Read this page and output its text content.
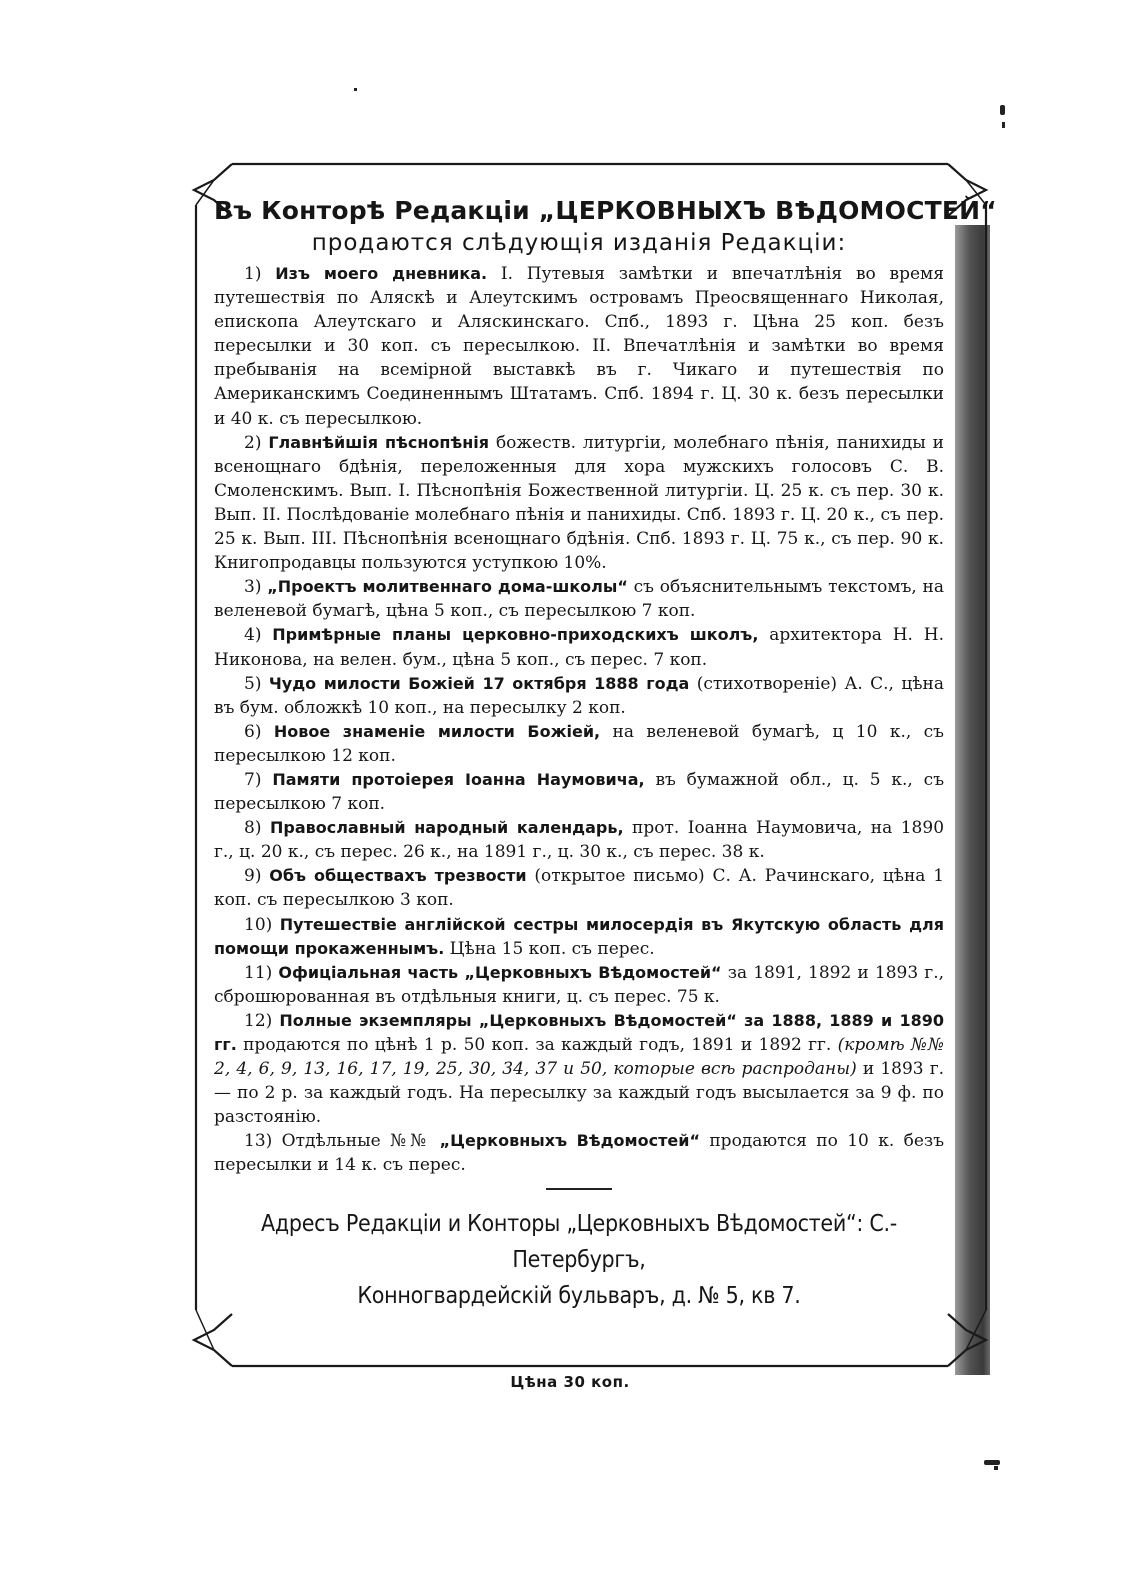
Въ Конторѣ Редакціи „ЦЕРКОВНЫХЪ ВѢДОМОСТЕЙ“

продаются слѣдующія изданія Редакціи:

1) Изъ моего дневника. I. Путевыя замѣтки и впечатлѣнія во время путешествія по Аляскѣ и Алеутскимъ островамъ Преосвященнаго Николая, епископа Алеутскаго и Аляскинскаго. Спб., 1893 г. Цѣна 25 коп. безъ пересылки и 30 коп. съ пересылкою. II. Впечатлѣнія и замѣтки во время пребыванія на всемірной выставкѣ въ г. Чикаго и путешествія по Американскимъ Соединеннымъ Штатамъ. Спб. 1894 г. Ц. 30 к. безъ пересылки и 40 к. съ пересылкою.

2) Главнѣйшія пѣснопѣнія божеств. литургіи, молебнаго пѣнія, панихиды и всенощнаго бдѣнія, переложенныя для хора мужскихъ голосовъ С. В. Смоленскимъ. Вып. I. Пѣснопѣнія Божественной литургіи. Ц. 25 к. съ пер. 30 к. Вып. II. Послѣдованіе молебнаго пѣнія и панихиды. Спб. 1893 г. Ц. 20 к., съ пер. 25 к. Вып. III. Пѣснопѣнія всенощнаго бдѣнія. Спб. 1893 г. Ц. 75 к., съ пер. 90 к. Книгопродавцы пользуются уступкою 10%.

3) „Проектъ молитвеннаго дома-школы“ съ объяснительнымъ текстомъ, на веленевой бумагѣ, цѣна 5 коп., съ пересылкою 7 коп.

4) Примѣрные планы церковно-приходскихъ школъ, архитектора Н. Н. Никонова, на велен. бум., цѣна 5 коп., съ перес. 7 коп.

5) Чудо милости Божіей 17 октября 1888 года (стихотвореніе) А. С., цѣна въ бум. обложкѣ 10 коп., на пересылку 2 коп.

6) Новое знаменіе милости Божіей, на веленевой бумагѣ, ц 10 к., съ пересылкою 12 коп.

7) Памяти протоіерея Іоанна Наумовича, въ бумажной обл., ц. 5 к., съ пересылкою 7 коп.

8) Православный народный календарь, прот. Іоанна Наумовича, на 1890 г., ц. 20 к., съ перес. 26 к., на 1891 г., ц. 30 к., съ перес. 38 к.

9) Объ обществахъ трезвости (открытое письмо) С. А. Рачинскаго, цѣна 1 коп. съ пересылкою 3 коп.

10) Путешествіе англійской сестры милосердія въ Якутскую область для помощи прокаженнымъ. Цѣна 15 коп. съ перес.

11) Офиціальная часть „Церковныхъ Вѣдомостей“ за 1891, 1892 и 1893 г., сброшюрованная въ отдѣльныя книги, ц. съ перес. 75 к.

12) Полные экземпляры „Церковныхъ Вѣдомостей“ за 1888, 1889 и 1890 гг. продаются по цѣнѣ 1 р. 50 коп. за каждый годъ, 1891 и 1892 гг. (кромѣ №№ 2, 4, 6, 9, 13, 16, 17, 19, 25, 30, 34, 37 и 50, которые всѣ распроданы) и 1893 г. — по 2 р. за каждый годъ. На пересылку за каждый годъ высылается за 9 ф. по разстоянію.

13) Отдѣльные №№ „Церковныхъ Вѣдомостей“ продаются по 10 к. безъ пересылки и 14 к. съ перес.

Адресъ Редакціи и Конторы „Церковныхъ Вѣдомостей“: С.-Петербургъ,

Конногвардейскій бульваръ, д. № 5, кв 7.

Цѣна 30 коп.
